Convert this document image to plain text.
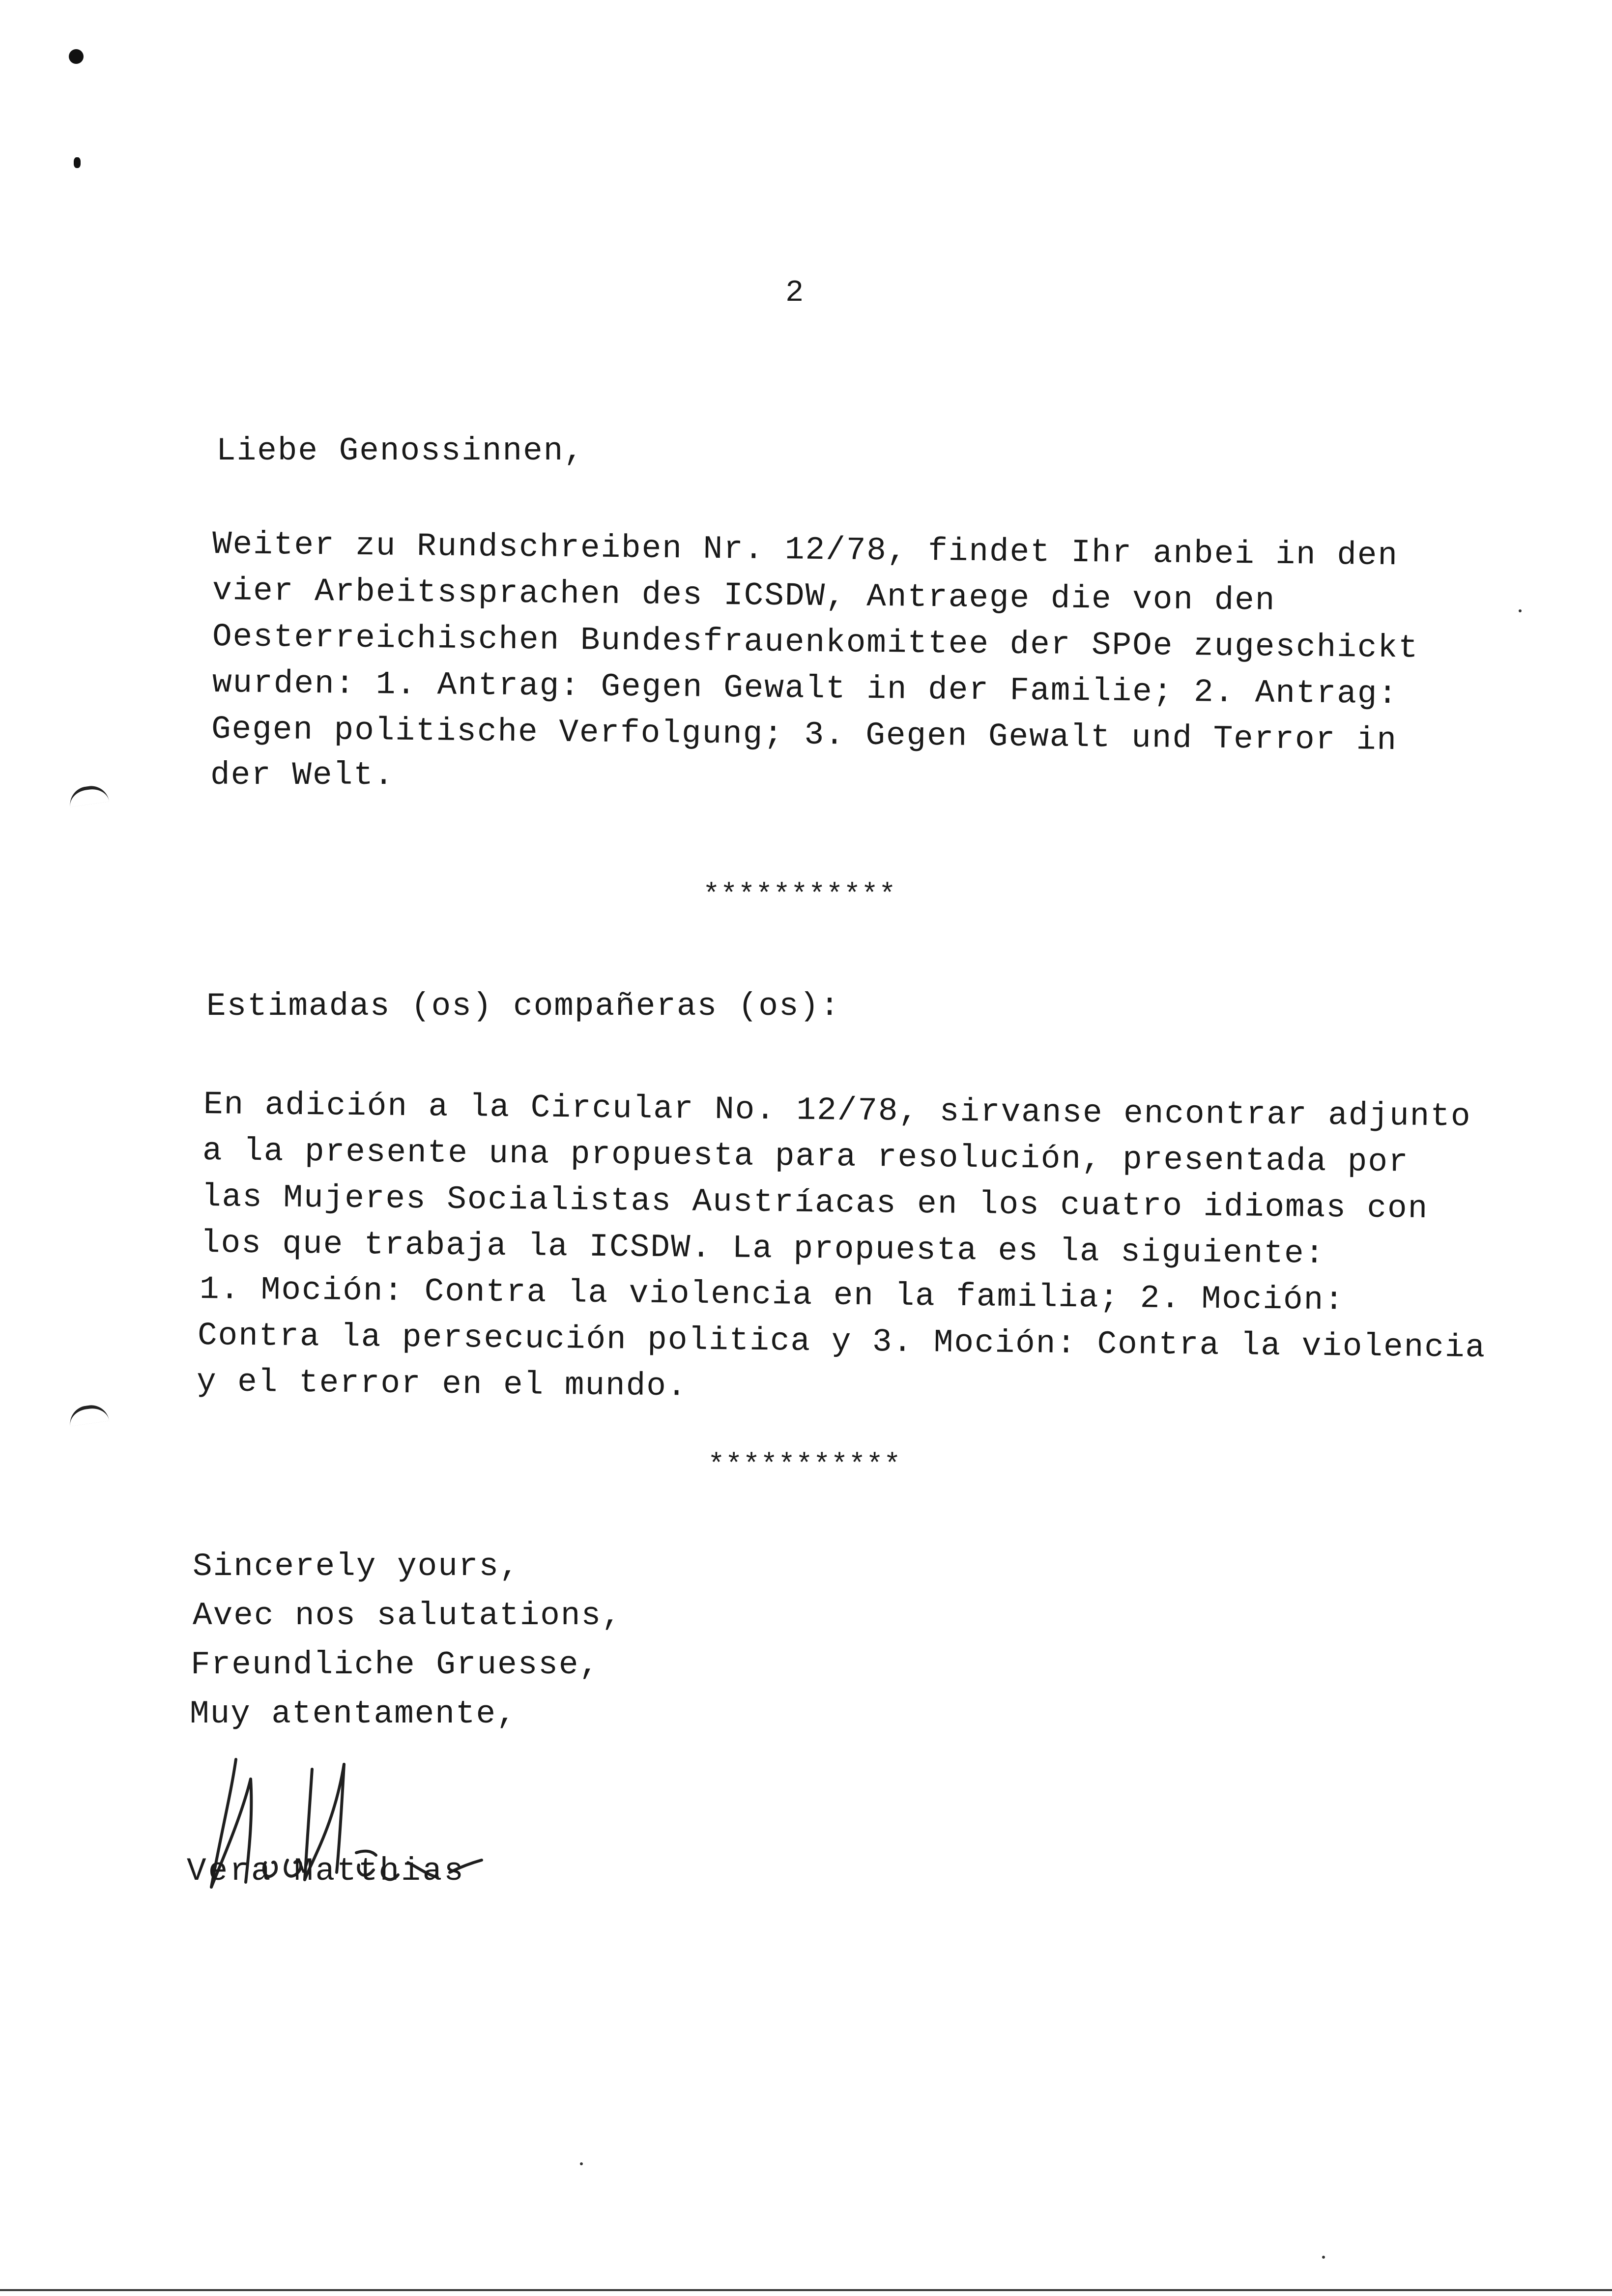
2
Liebe Genossinnen,
Weiter zu Rundschreiben Nr. 12/78, findet Ihr anbei in den
vier Arbeitssprachen des ICSDW, Antraege die von den
Oesterreichischen Bundesfrauenkomittee der SPOe zugeschickt
wurden: 1. Antrag: Gegen Gewalt in der Familie; 2. Antrag:
Gegen politische Verfolgung; 3. Gegen Gewalt und Terror in
der Welt.
***********
Estimadas (os) compañeras (os):
En adición a la Circular No. 12/78, sirvanse encontrar adjunto
a la presente una propuesta para resolución, presentada por
las Mujeres Socialistas Austríacas en los cuatro idiomas con
los que trabaja la ICSDW. La propuesta es la siguiente:
1. Moción: Contra la violencia en la familia; 2. Moción:
Contra la persecución politica y 3. Moción: Contra la violencia
y el terror en el mundo.
***********
Sincerely yours,
Avec nos salutations,
Freundliche Gruesse,
Muy atentamente,
Vera Matthias
